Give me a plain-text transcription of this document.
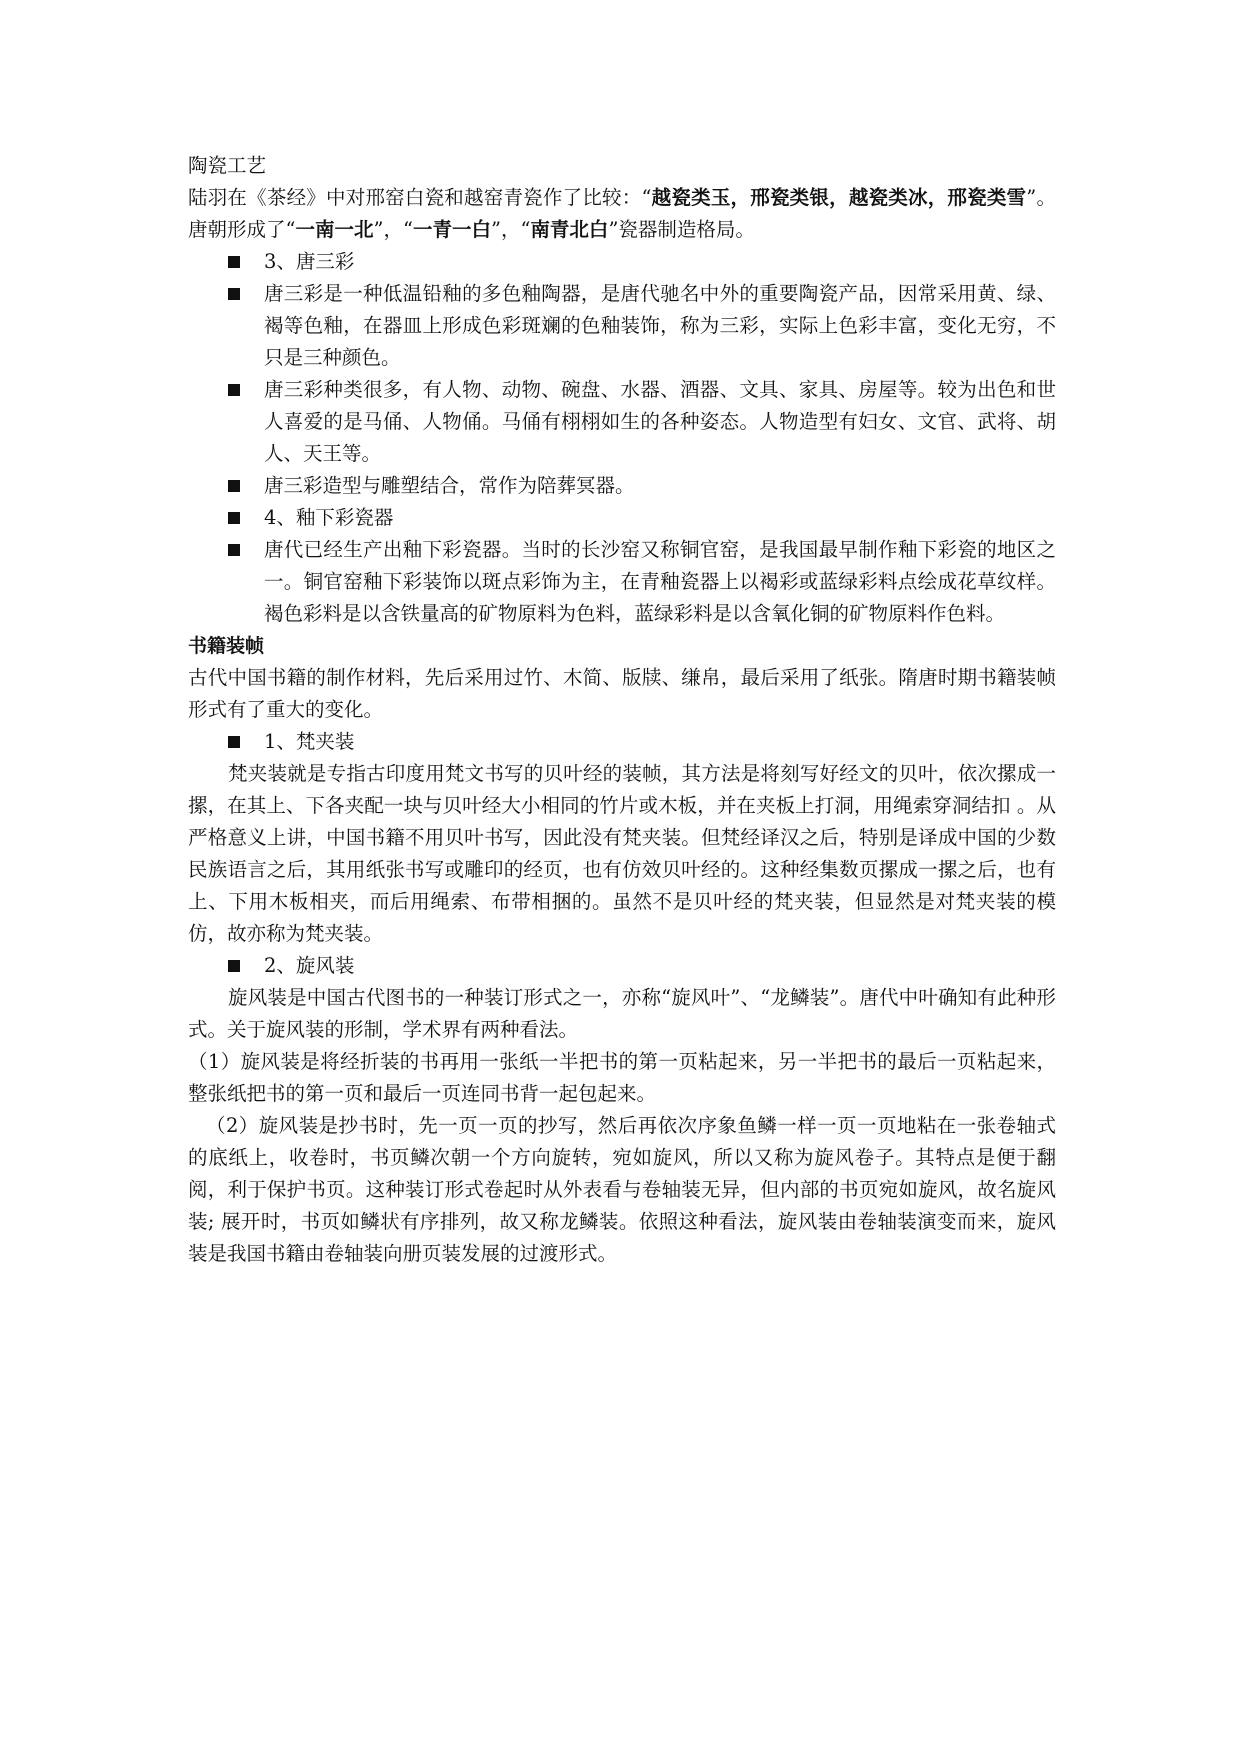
陶瓷工艺

陆羽在《茶经》中对邢窑白瓷和越窑青瓷作了比较：“越瓷类玉，邢瓷类银，越瓷类冰，邢瓷类雪”。唐朝形成了“一南一北”，“一青一白”，“南青北白”瓷器制造格局。

3、唐三彩

唐三彩是一种低温铅釉的多色釉陶器，是唐代驰名中外的重要陶瓷产品，因常采用黄、绿、褐等色釉，在器皿上形成色彩斑斓的色釉装饰，称为三彩，实际上色彩丰富，变化无穷，不只是三种颜色。

唐三彩种类很多，有人物、动物、碗盘、水器、酒器、文具、家具、房屋等。较为出色和世人喜爱的是马俑、人物俑。马俑有栩栩如生的各种姿态。人物造型有妇女、文官、武将、胡人、天王等。

唐三彩造型与雕塑结合，常作为陪葬冥器。

4、釉下彩瓷器

唐代已经生产出釉下彩瓷器。当时的长沙窑又称铜官窑，是我国最早制作釉下彩瓷的地区之一。铜官窑釉下彩装饰以斑点彩饰为主，在青釉瓷器上以褐彩或蓝绿彩料点绘成花草纹样。褐色彩料是以含铁量高的矿物原料为色料，蓝绿彩料是以含氧化铜的矿物原料作色料。

书籍装帧

古代中国书籍的制作材料，先后采用过竹、木简、版牍、缣帛，最后采用了纸张。隋唐时期书籍装帧形式有了重大的变化。

1、梵夹装

梵夹装就是专指古印度用梵文书写的贝叶经的装帧，其方法是将刻写好经文的贝叶，依次摞成一摞，在其上、下各夹配一块与贝叶经大小相同的竹片或木板，并在夹板上打洞，用绳索穿洞结扣 。从严格意义上讲，中国书籍不用贝叶书写，因此没有梵夹装。但梵经译汉之后，特别是译成中国的少数民族语言之后，其用纸张书写或雕印的经页，也有仿效贝叶经的。这种经集数页摞成一摞之后，也有上、下用木板相夹，而后用绳索、布带相捆的。虽然不是贝叶经的梵夹装，但显然是对梵夹装的模仿，故亦称为梵夹装。

2、旋风装

旋风装是中国古代图书的一种装订形式之一，亦称“旋风叶”、“龙鳞装”。唐代中叶确知有此种形式。关于旋风装的形制，学术界有两种看法。

（1）旋风装是将经折装的书再用一张纸一半把书的第一页粘起来，另一半把书的最后一页粘起来，整张纸把书的第一页和最后一页连同书背一起包起来。

（2）旋风装是抄书时，先一页一页的抄写，然后再依次序象鱼鳞一样一页一页地粘在一张卷轴式的底纸上，收卷时，书页鳞次朝一个方向旋转，宛如旋风，所以又称为旋风卷子。其特点是便于翻阅，利于保护书页。这种装订形式卷起时从外表看与卷轴装无异，但内部的书页宛如旋风，故名旋风装; 展开时，书页如鳞状有序排列，故又称龙鳞装。依照这种看法，旋风装由卷轴装演变而来，旋风装是我国书籍由卷轴装向册页装发展的过渡形式。
